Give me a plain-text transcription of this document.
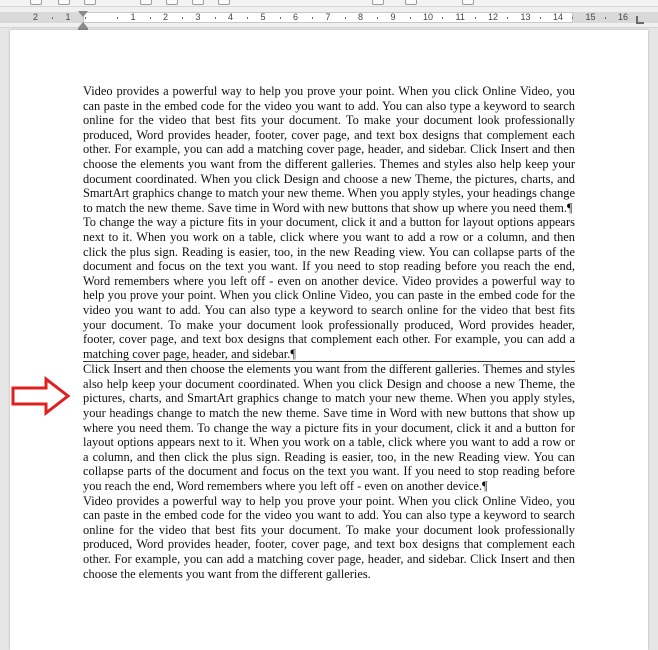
2	1	1	2	3	4	5	6	7	8	9	10 11	12 13 14 15 16

Video provides a powerful way to help you prove your point. When you click Online Video, you can paste in the embed code for the video you want to add. You can also type a keyword to search online for the video that best fits your document. To make your document look professionally produced, Word provides header, footer, cover page, and text box designs that complement each other. For example, you can add a matching cover page, header, and sidebar. Click Insert and then choose the elements you want from the different galleries. Themes and styles also help keep your document coordinated. When you click Design and choose a new Theme, the pictures, charts, and SmartArt graphics change to match your new theme. When you apply styles, your headings change to match the new theme. Save time in Word with new buttons that show up where you need them.¶

To change the way a picture fits in your document, click it and a button for layout options appears next to it. When you work on a table, click where you want to add a row or a column, and then click the plus sign. Reading is easier, too, in the new Reading view. You can collapse parts of the document and focus on the text you want. If you need to stop reading before you reach the end, Word remembers where you left off - even on another device. Video provides a powerful way to help you prove your point. When you click Online Video, you can paste in the embed code for the video you want to add. You can also type a keyword to search online for the video that best fits your document. To make your document look professionally produced, Word provides header, footer, cover page, and text box designs that complement each other. For example, you can add a matching cover page, header, and sidebar.¶

Click Insert and then choose the elements you want from the different galleries. Themes and styles also help keep your document coordinated. When you click Design and choose a new Theme, the pictures, charts, and SmartArt graphics change to match your new theme. When you apply styles, your headings change to match the new theme. Save time in Word with new buttons that show up where you need them. To change the way a picture fits in your document, click it and a button for layout options appears next to it. When you work on a table, click where you want to add a row or a column, and then click the plus sign. Reading is easier, too, in the new Reading view. You can collapse parts of the document and focus on the text you want. If you need to stop reading before you reach the end, Word remembers where you left off - even on another device.¶

Video provides a powerful way to help you prove your point. When you click Online Video, you can paste in the embed code for the video you want to add. You can also type a keyword to search online for the video that best fits your document. To make your document look professionally produced, Word provides header, footer, cover page, and text box designs that complement each other. For example, you can add a matching cover page, header, and sidebar. Click Insert and then choose the elements you want from the different galleries.
